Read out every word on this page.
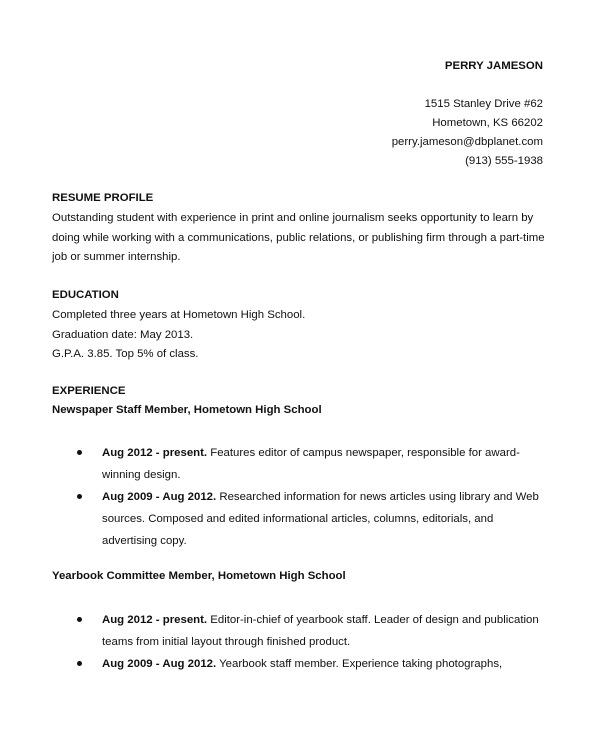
PERRY JAMESON
1515 Stanley Drive #62
Hometown, KS 66202
perry.jameson@dbplanet.com
(913) 555-1938
RESUME PROFILE
Outstanding student with experience in print and online journalism seeks opportunity to learn by
doing while working with a communications, public relations, or publishing firm through a part-time
job or summer internship.
EDUCATION
Completed three years at Hometown High School.
Graduation date: May 2013.
G.P.A. 3.85. Top 5% of class.
EXPERIENCE
Newspaper Staff Member, Hometown High School
Aug 2012 - present. Features editor of campus newspaper, responsible for award-
winning design.
Aug 2009 - Aug 2012. Researched information for news articles using library and Web
sources. Composed and edited informational articles, columns, editorials, and
advertising copy.
Yearbook Committee Member, Hometown High School
Aug 2012 - present. Editor-in-chief of yearbook staff. Leader of design and publication
teams from initial layout through finished product.
Aug 2009 - Aug 2012. Yearbook staff member. Experience taking photographs,
